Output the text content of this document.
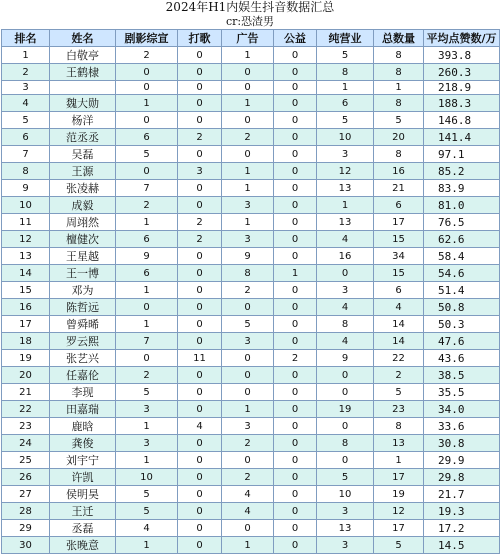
2024年H1内娱生抖音数据汇总
cr:恐渣男
排名	姓名	剧影综宣	打歌	广告	公益	纯营业	总数量	平均点赞数/万
1	白敬亭	2	0	1	0	5	8	393.8
2	王鹤棣	0	0	0	0	8	8	260.3
3		0	0	0	0	1	1	218.9
4	魏大勋	1	0	1	0	6	8	188.3
5	杨洋	0	0	0	0	5	5	146.8
6	范丞丞	6	2	2	0	10	20	141.4
7	吴磊	5	0	0	0	3	8	97.1
8	王源	0	3	1	0	12	16	85.2
9	张凌赫	7	0	1	0	13	21	83.9
10	成毅	2	0	3	0	1	6	81.0
11	周翊然	1	2	1	0	13	17	76.5
12	檀健次	6	2	3	0	4	15	62.6
13	王星越	9	0	9	0	16	34	58.4
14	王一博	6	0	8	1	0	15	54.6
15	邓为	1	0	2	0	3	6	51.4
16	陈哲远	0	0	0	0	4	4	50.8
17	曾舜晞	1	0	5	0	8	14	50.3
18	罗云熙	7	0	3	0	4	14	47.6
19	张艺兴	0	11	0	2	9	22	43.6
20	任嘉伦	2	0	0	0	0	2	38.5
21	李现	5	0	0	0	0	5	35.5
22	田嘉瑞	3	0	1	0	19	23	34.0
23	鹿晗	1	4	3	0	0	8	33.6
24	龚俊	3	0	2	0	8	13	30.8
25	刘宇宁	1	0	0	0	0	1	29.9
26	许凯	10	0	2	0	5	17	29.8
27	侯明昊	5	0	4	0	10	19	21.7
28	王迁	5	0	4	0	3	12	19.3
29	丞磊	4	0	0	0	13	17	17.2
30	张晚意	1	0	1	0	3	5	14.5
